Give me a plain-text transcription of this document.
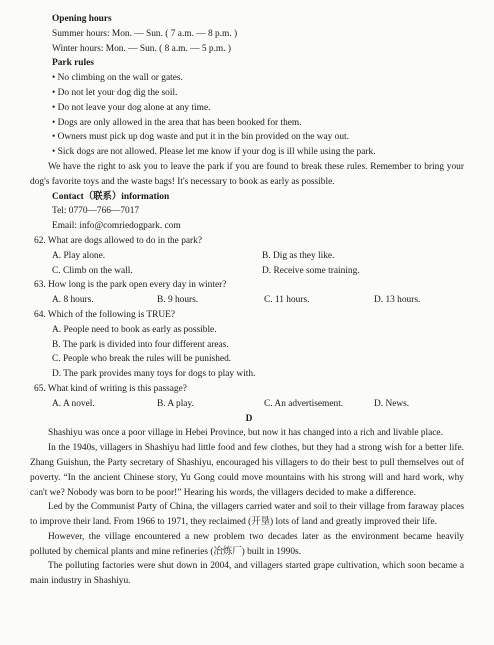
Opening hours
Summer hours: Mon. — Sun. ( 7 a.m. — 8 p.m. )
Winter hours: Mon. — Sun. ( 8 a.m. — 5 p.m. )
Park rules
• No climbing on the wall or gates.
• Do not let your dog dig the soil.
• Do not leave your dog alone at any time.
• Dogs are only allowed in the area that has been booked for them.
• Owners must pick up dog waste and put it in the bin provided on the way out.
• Sick dogs are not allowed. Please let me know if your dog is ill while using the park.

We have the right to ask you to leave the park if you are found to break these rules. Remember to bring your dog's favorite toys and the waste bags! It's necessary to book as early as possible.

Contact（联系）information
Tel: 0770—766—7017
Email: info@comriedogpark. com
62. What are dogs allowed to do in the park?
A. Play alone.	B. Dig as they like.
C. Climb on the wall.	D. Receive some training.
63. How long is the park open every day in winter?
A. 8 hours.	B. 9 hours.	C. 11 hours.	D. 13 hours.
64. Which of the following is TRUE?
A. People need to book as early as possible.
B. The park is divided into four different areas.
C. People who break the rules will be punished.
D. The park provides many toys for dogs to play with.
65. What kind of writing is this passage?
A. A novel.	B. A play.	C. An advertisement.	D. News.
D

Shashiyu was once a poor village in Hebei Province, but now it has changed into a rich and livable place.

In the 1940s, villagers in Shashiyu had little food and few clothes, but they had a strong wish for a better life. Zhang Guishun, the Party secretary of Shashiyu, encouraged his villagers to do their best to pull themselves out of poverty. “In the ancient Chinese story, Yu Gong could move mountains with his strong will and hard work, why can't we? Nobody was born to be poor!” Hearing his words, the villagers decided to make a difference.

Led by the Communist Party of China, the villagers carried water and soil to their village from faraway places to improve their land. From 1966 to 1971, they reclaimed (开垦) lots of land and greatly improved their life.

However, the village encountered a new problem two decades later as the environment became heavily polluted by chemical plants and mine refineries (冶炼厂) built in 1990s.

The polluting factories were shut down in 2004, and villagers started grape cultivation, which soon became a main industry in Shashiyu.
